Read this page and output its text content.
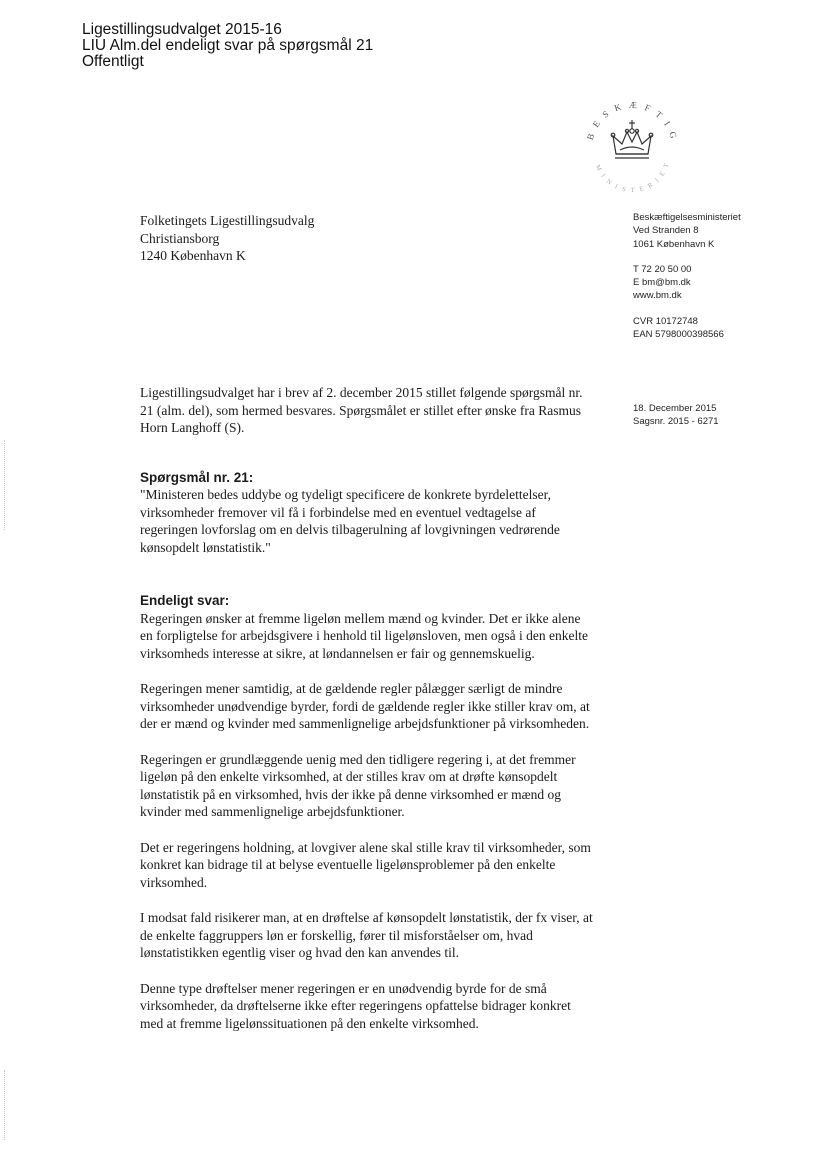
Ligestillingsudvalget 2015-16
LIU Alm.del endeligt svar på spørgsmål 21
Offentligt
B E S K Æ F T I G
M I N I S T E R I E T
Folketingets Ligestillingsudvalg
Christiansborg
1240 København K
Beskæftigelsesministeriet
Ved Stranden 8
1061 København K
T 72 20 50 00
E bm@bm.dk
www.bm.dk
CVR 10172748
EAN 5798000398566
18. December 2015
Sagsnr. 2015 - 6271

Ligestillingsudvalget har i brev af 2. december 2015 stillet følgende spørgsmål nr. 21 (alm. del), som hermed besvares. Spørgsmålet er stillet efter ønske fra Rasmus Horn Langhoff (S).

Spørgsmål nr. 21:
"Ministeren bedes uddybe og tydeligt specificere de konkrete byrdelettelser, virksomheder fremover vil få i forbindelse med en eventuel vedtagelse af regeringen lovforslag om en delvis tilbagerulning af lovgivningen vedrørende kønsopdelt lønstatistik."
Endeligt svar:

Regeringen ønsker at fremme ligeløn mellem mænd og kvinder. Det er ikke alene en forpligtelse for arbejdsgivere i henhold til ligelønsloven, men også i den enkelte virksomheds interesse at sikre, at løndannelsen er fair og gennemskuelig.

Regeringen mener samtidig, at de gældende regler pålægger særligt de mindre virksomheder unødvendige byrder, fordi de gældende regler ikke stiller krav om, at der er mænd og kvinder med sammenlignelige arbejdsfunktioner på virksomheden.

Regeringen er grundlæggende uenig med den tidligere regering i, at det fremmer ligeløn på den enkelte virksomhed, at der stilles krav om at drøfte kønsopdelt lønstatistik på en virksomhed, hvis der ikke på denne virksomhed er mænd og kvinder med sammenlignelige arbejdsfunktioner.

Det er regeringens holdning, at lovgiver alene skal stille krav til virksomheder, som konkret kan bidrage til at belyse eventuelle ligelønsproblemer på den enkelte virksomhed.

I modsat fald risikerer man, at en drøftelse af kønsopdelt lønstatistik, der fx viser, at de enkelte faggruppers løn er forskellig, fører til misforståelser om, hvad lønstatistikken egentlig viser og hvad den kan anvendes til.

Denne type drøftelser mener regeringen er en unødvendig byrde for de små virksomheder, da drøftelserne ikke efter regeringens opfattelse bidrager konkret med at fremme ligelønssituationen på den enkelte virksomhed.
